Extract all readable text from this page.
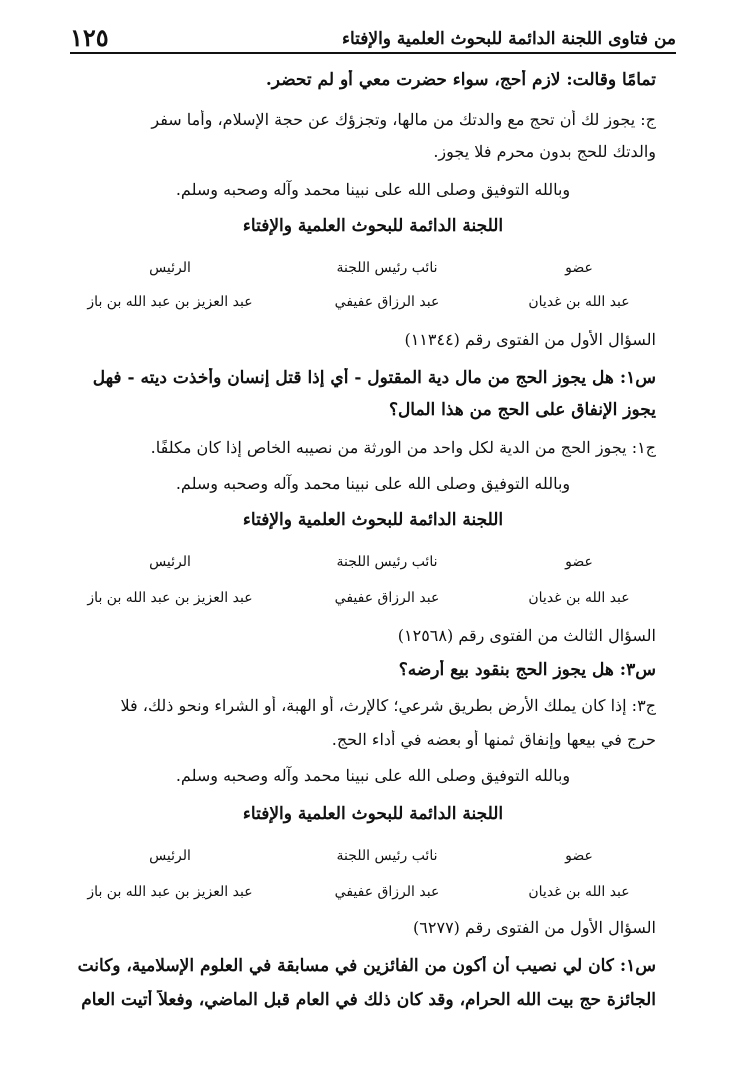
من فتاوى اللجنة الدائمة للبحوث العلمية والإفتاء
١٢٥
تمامًا وقالت: لازم أحج، سواء حضرت معي أو لم تحضر.
ج: يجوز لك أن تحج مع والدتك من مالها، وتجزؤك عن حجة الإسلام، وأما سفر
والدتك للحج بدون محرم فلا يجوز.
وبالله التوفيق وصلى الله على نبينا محمد وآله وصحبه وسلم.
اللجنة الدائمة للبحوث العلمية والإفتاء
عضو
نائب رئيس اللجنة
الرئيس
عبد الله بن غديان
عبد الرزاق عفيفي
عبد العزيز بن عبد الله بن باز
السؤال الأول من الفتوى رقم (١١٣٤٤)
س١: هل يجوز الحج من مال دية المقتول - أي إذا قتل إنسان وأخذت ديته - فهل
يجوز الإنفاق على الحج من هذا المال؟
ج١: يجوز الحج من الدية لكل واحد من الورثة من نصيبه الخاص إذا كان مكلفًا.
وبالله التوفيق وصلى الله على نبينا محمد وآله وصحبه وسلم.
اللجنة الدائمة للبحوث العلمية والإفتاء
عضو
نائب رئيس اللجنة
الرئيس
عبد الله بن غديان
عبد الرزاق عفيفي
عبد العزيز بن عبد الله بن باز
السؤال الثالث من الفتوى رقم (١٢٥٦٨)
س٣: هل يجوز الحج بنقود بيع أرضه؟
ج٣: إذا كان يملك الأرض بطريق شرعي؛ كالإرث، أو الهبة، أو الشراء ونحو ذلك، فلا
حرج في بيعها وإنفاق ثمنها أو بعضه في أداء الحج.
وبالله التوفيق وصلى الله على نبينا محمد وآله وصحبه وسلم.
اللجنة الدائمة للبحوث العلمية والإفتاء
عضو
نائب رئيس اللجنة
الرئيس
عبد الله بن غديان
عبد الرزاق عفيفي
عبد العزيز بن عبد الله بن باز
السؤال الأول من الفتوى رقم (٦٢٧٧)
س١: كان لي نصيب أن أكون من الفائزين في مسابقة في العلوم الإسلامية، وكانت
الجائزة حج بيت الله الحرام، وقد كان ذلك في العام قبل الماضي، وفعلاً أتيت العام
